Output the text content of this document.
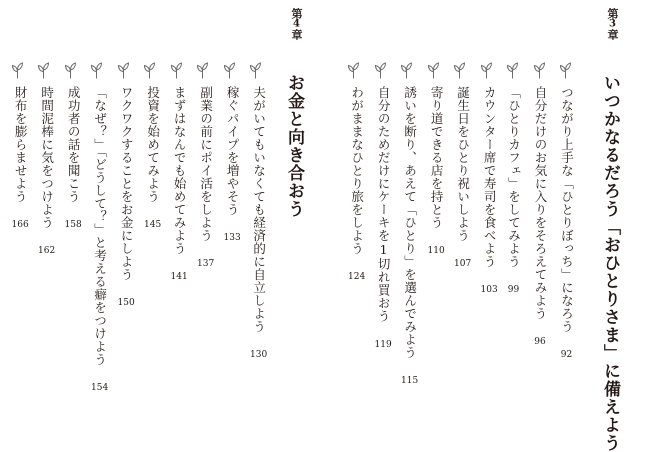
第3章
いつかなるだろう「おひとりさま」に備えよう
第4章
お金と向き合おう	つながり上手な「ひとりぼっち」になろう92
自分だけのお気に入りをそろえてみよう96
「ひとりカフェ」をしてみよう99
カウンター席で寿司を食べよう103
誕生日をひとり祝いしよう107
寄り道できる店を持とう110
誘いを断り、あえて「ひとり」を選んでみよう115
自分のためだけにケーキを1切れ買おう119
わがままなひとり旅をしよう124
夫がいてもいなくても経済的に自立しよう130
稼ぐパイプを増やそう133
副業の前にポイ活をしよう137
まずはなんでも始めてみよう141
投資を始めてみよう145
ワクワクすることをお金にしよう150
「なぜ？」「どうして？」と考える癖をつけよう154
成功者の話を聞こう158
時間泥棒に気をつけよう162
財布を膨らませよう166
